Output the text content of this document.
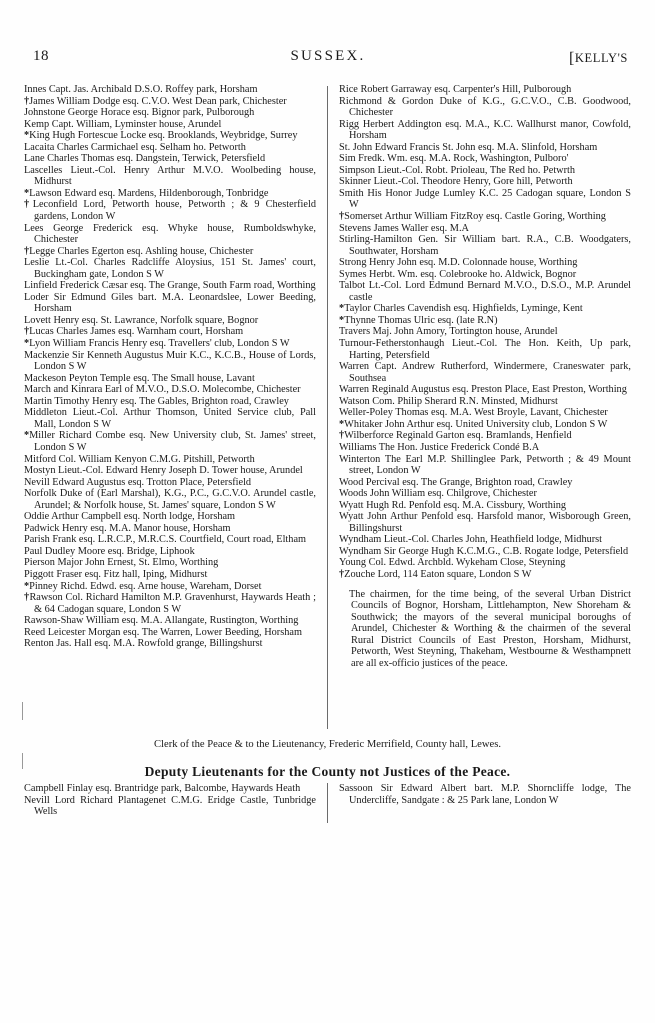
18	SUSSEX.	[KELLY'S
Innes Capt. Jas. Archibald D.S.O. Roffey park, Horsham
†James William Dodge esq. C.V.O. West Dean park, Chichester
Johnstone George Horace esq. Bignor park, Pulborough
Kemp Capt. William, Lyminster house, Arundel
*King Hugh Fortescue Locke esq. Brooklands, Weybridge, Surrey
Lacaita Charles Carmichael esq. Selham ho. Petworth
Lane Charles Thomas esq. Dangstein, Terwick, Petersfield
Lascelles Lieut.-Col. Henry Arthur M.V.O. Woolbeding house, Midhurst
*Lawson Edward esq. Mardens, Hildenborough, Tonbridge
†Leconfield Lord, Petworth house, Petworth ; & 9 Chesterfield gardens, London W
Lees George Frederick esq. Whyke house, Rumboldswhyke, Chichester
†Legge Charles Egerton esq. Ashling house, Chichester
Leslie Lt.-Col. Charles Radcliffe Aloysius, 151 St. James' court, Buckingham gate, London S W
Linfield Frederick Cæsar esq. The Grange, South Farm road, Worthing
Loder Sir Edmund Giles bart. M.A. Leonardslee, Lower Beeding, Horsham
Lovett Henry esq. St. Lawrance, Norfolk square, Bognor
†Lucas Charles James esq. Warnham court, Horsham
*Lyon William Francis Henry esq. Travellers' club, London S W
Mackenzie Sir Kenneth Augustus Muir K.C., K.C.B., House of Lords, London S W
Mackeson Peyton Temple esq. The Small house, Lavant
March and Kinrara Earl of M.V.O., D.S.O. Molecombe, Chichester
Martin Timothy Henry esq. The Gables, Brighton road, Crawley
Middleton Lieut.-Col. Arthur Thomson, United Service club, Pall Mall, London S W
*Miller Richard Combe esq. New University club, St. James' street, London S W
Mitford Col. William Kenyon C.M.G. Pitshill, Petworth
Mostyn Lieut.-Col. Edward Henry Joseph D. Tower house, Arundel
Nevill Edward Augustus esq. Trotton Place, Petersfield
Norfolk Duke of (Earl Marshal), K.G., P.C., G.C.V.O. Arundel castle, Arundel; & Norfolk house, St. James' square, London S W
Oddie Arthur Campbell esq. North lodge, Horsham
Padwick Henry esq. M.A. Manor house, Horsham
Parish Frank esq. L.R.C.P., M.R.C.S. Courtfield, Court road, Eltham
Paul Dudley Moore esq. Bridge, Liphook
Pierson Major John Ernest, St. Elmo, Worthing
Piggott Fraser esq. Fitz hall, Iping, Midhurst
*Pinney Richd. Edwd. esq. Arne house, Wareham, Dorset
†Rawson Col. Richard Hamilton M.P. Gravenhurst, Haywards Heath ; & 64 Cadogan square, London S W
Rawson-Shaw William esq. M.A. Allangate, Rustington, Worthing
Reed Leicester Morgan esq. The Warren, Lower Beeding, Horsham
Renton Jas. Hall esq. M.A. Rowfold grange, Billingshurst
Rice Robert Garraway esq. Carpenter's Hill, Pulborough
Richmond & Gordon Duke of K.G., G.C.V.O., C.B. Goodwood, Chichester
Rigg Herbert Addington esq. M.A., K.C. Wallhurst manor, Cowfold, Horsham
St. John Edward Francis St. John esq. M.A. Slinfold, Horsham
Sim Fredk. Wm. esq. M.A. Rock, Washington, Pulboro'
Simpson Lieut.-Col. Robt. Prioleau, The Red ho. Petwrth
Skinner Lieut.-Col. Theodore Henry, Gore hill, Petworth
Smith His Honor Judge Lumley K.C. 25 Cadogan square, London S W
†Somerset Arthur William FitzRoy esq. Castle Goring, Worthing
Stevens James Waller esq. M.A
Stirling-Hamilton Gen. Sir William bart. R.A., C.B. Woodgaters, Southwater, Horsham
Strong Henry John esq. M.D. Colonnade house, Worthing
Symes Herbt. Wm. esq. Colebrooke ho. Aldwick, Bognor
Talbot Lt.-Col. Lord Edmund Bernard M.V.O., D.S.O., M.P. Arundel castle
*Taylor Charles Cavendish esq. Highfields, Lyminge, Kent
*Thynne Thomas Ulric esq. (late R.N)
Travers Maj. John Amory, Tortington house, Arundel
Turnour-Fetherstonhaugh Lieut.-Col. The Hon. Keith, Up park, Harting, Petersfield
Warren Capt. Andrew Rutherford, Windermere, Craneswater park, Southsea
Warren Reginald Augustus esq. Preston Place, East Preston, Worthing
Watson Com. Philip Sherard R.N. Minsted, Midhurst
Weller-Poley Thomas esq. M.A. West Broyle, Lavant, Chichester
*Whitaker John Arthur esq. United University club, London S W
†Wilberforce Reginald Garton esq. Bramlands, Henfield
Williams The Hon. Justice Frederick Condé B.A
Winterton The Earl M.P. Shillinglee Park, Petworth ; & 49 Mount street, London W
Wood Percival esq. The Grange, Brighton road, Crawley
Woods John William esq. Chilgrove, Chichester
Wyatt Hugh Rd. Penfold esq. M.A. Cissbury, Worthing
Wyatt John Arthur Penfold esq. Harsfold manor, Wisborough Green, Billingshurst
Wyndham Lieut.-Col. Charles John, Heathfield lodge, Midhurst
Wyndham Sir George Hugh K.C.M.G., C.B. Rogate lodge, Petersfield
Young Col. Edwd. Archbld. Wykeham Close, Steyning
†Zouche Lord, 114 Eaton square, London S W
The chairmen, for the time being, of the several Urban District Councils of Bognor, Horsham, Littlehampton, New Shoreham & Southwick; the mayors of the several municipal boroughs of Arundel, Chichester & Worthing & the chairmen of the several Rural District Councils of East Preston, Horsham, Midhurst, Petworth, West Steyning, Thakeham, Westbourne & Westhampnett are all ex-officio justices of the peace.
Clerk of the Peace & to the Lieutenancy, Frederic Merrifield, County hall, Lewes.
Deputy Lieutenants for the County not Justices of the Peace.
Campbell Finlay esq. Brantridge park, Balcombe, Haywards Heath
Nevill Lord Richard Plantagenet C.M.G. Eridge Castle, Tunbridge Wells
Sassoon Sir Edward Albert bart. M.P. Shorncliffe lodge, The Undercliffe, Sandgate : & 25 Park lane, London W
